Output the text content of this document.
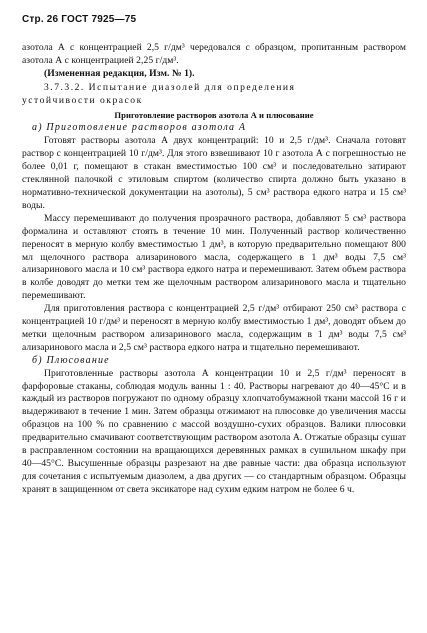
Стр. 26 ГОСТ 7925—75

азотола А с концентрацией 2,5 г/дм³ чередовался с образцом, пропитанным раствором азотола А с концентрацией 2,25 г/дм³.

(Измененная редакция, Изм. № 1).

3.7.3.2. Испытание диазолей для определения

устойчивости окрасок

Приготовление растворов азотола А и плюсование

а) Приготовление растворов азотола А

Готовят растворы азотола А двух концентраций: 10 и 2,5 г/дм³. Сначала готовят раствор с концентрацией 10 г/дм³. Для этого взвешивают 10 г азотола А с погрешностью не более 0,01 г, помещают в стакан вместимостью 100 см³ и последовательно затирают стеклянной палочкой с этиловым спиртом (количество спирта должно быть указано в нормативно-технической документации на азотолы), 5 см³ раствора едкого натра и 15 см³ воды.

Массу перемешивают до получения прозрачного раствора, добавляют 5 см³ раствора формалина и оставляют стоять в течение 10 мин. Полученный раствор количественно переносят в мерную колбу вместимостью 1 дм³, в которую предварительно помещают 800 мл щелочного раствора ализаринового масла, содержащего в 1 дм³ воды 7,5 см³ ализаринового масла и 10 см³ раствора едкого натра и перемешивают. Затем объем раствора в колбе доводят до метки тем же щелочным раствором ализаринового масла и тщательно перемешивают.

Для приготовления раствора с концентрацией 2,5 г/дм³ отбирают 250 см³ раствора с концентрацией 10 г/дм³ и переносят в мерную колбу вместимостью 1 дм³, доводят объем до метки щелочным раствором ализаринового масла, содержащим в 1 дм³ воды 7,5 см³ ализаринового масла и 2,5 см³ раствора едкого натра и тщательно перемешивают.

б) Плюсование

Приготовленные растворы азотола А концентрации 10 и 2,5 г/дм³ переносят в фарфоровые стаканы, соблюдая модуль ванны 1 : 40. Растворы нагревают до 40—45°С и в каждый из растворов погружают по одному образцу хлопчатобумажной ткани массой 16 г и выдерживают в течение 1 мин. Затем образцы отжимают на плюсовке до увеличения массы образцов на 100 % по сравнению с массой воздушно-сухих образцов. Валики плюсовки предварительно смачивают соответствующим раствором азотола А. Отжатые образцы сушат в расправленном состоянии на вращающихся деревянных рамках в сушильном шкафу при 40—45°С. Высушенные образцы разрезают на две равные части: два образца используют для сочетания с испытуемым диазолем, а два других — со стандартным образцом. Образцы хранят в защищенном от света эксикаторе над сухим едким натром не более 6 ч.
